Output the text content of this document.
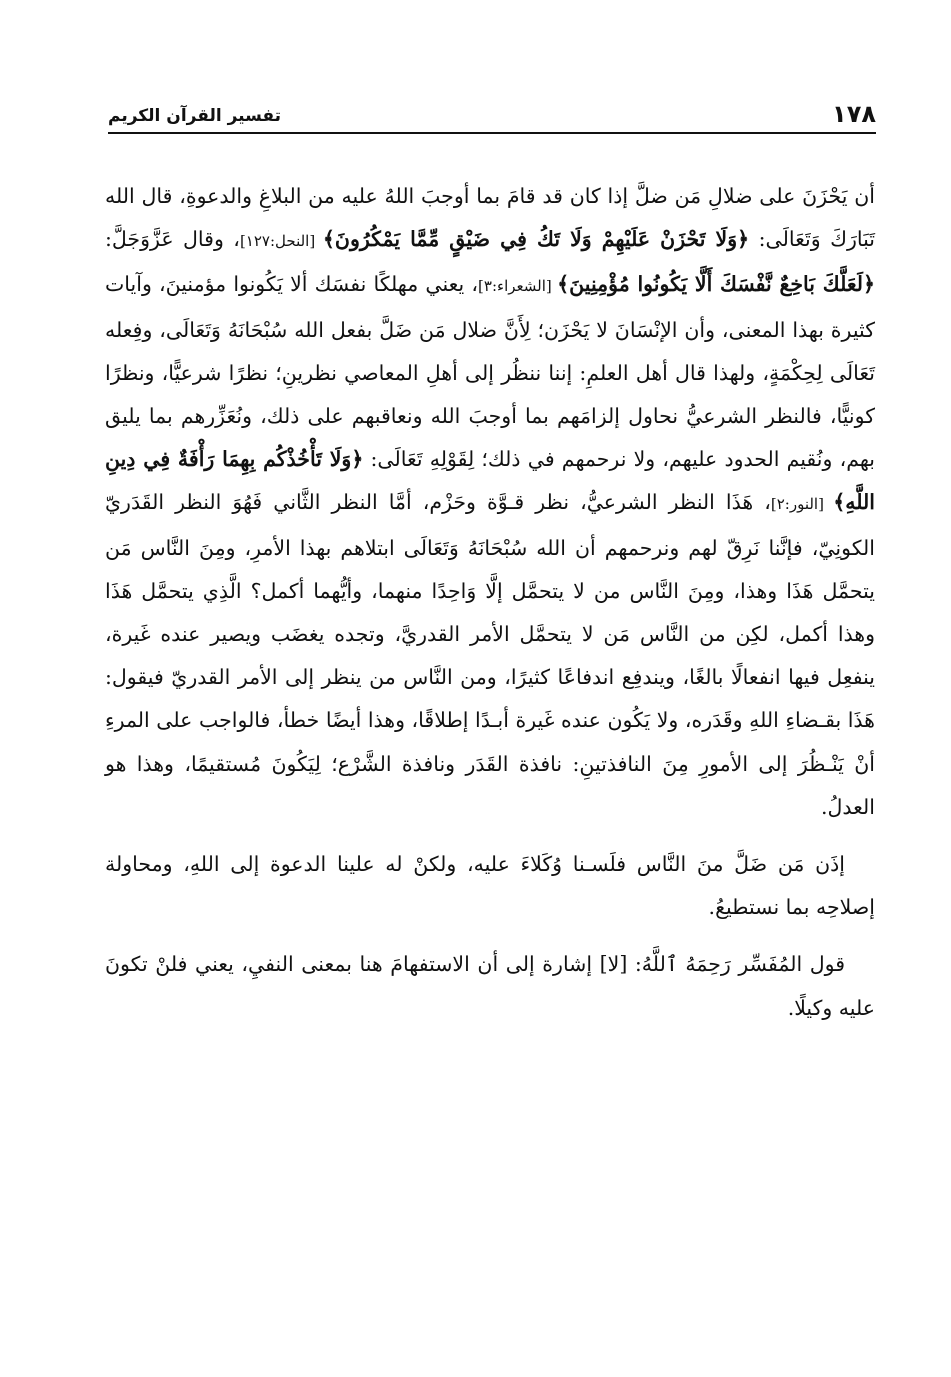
١٧٨
تفسير القرآن الكريم

أن يَحْزَنَ على ضلالِ مَن ضلَّ إذا كان قد قامَ بما أوجبَ اللهُ عليه من البلاغِ والدعوةِ، قال الله تَبَارَكَ وَتَعَالَى: ﴿وَلَا تَحْزَنْ عَلَيْهِمْ وَلَا تَكُ فِي ضَيْقٍ مِّمَّا يَمْكُرُونَ﴾ [النحل:١٢٧]، وقال عَزَّوَجَلَّ: ﴿لَعَلَّكَ بَاخِعٌ نَّفْسَكَ أَلَّا يَكُونُوا مُؤْمِنِينَ﴾ [الشعراء:٣]، يعني مهلكًا نفسَك ألا يَكُونوا مؤمنينَ، وآيات كثيرة بهذا المعنى، وأن الإنْسَانَ لا يَحْزَن؛ لِأَنَّ ضلال مَن ضَلَّ بفعل الله سُبْحَانَهُ وَتَعَالَى، وفِعله تَعَالَى لِحِكْمَةٍ، ولهذا قال أهل العلمِ: إننا ننظُر إلى أهلِ المعاصي نظرينِ؛ نظرًا شرعيًّا، ونظرًا كونيًّا، فالنظر الشرعيُّ نحاول إلزامَهم بما أوجبَ الله ونعاقبهم على ذلك، ونُعَزِّرهم بما يليق بهم، ونُقيم الحدود عليهم، ولا نرحمهم في ذلك؛ لِقَوْلِهِ تَعَالَى: ﴿وَلَا تَأْخُذْكُم بِهِمَا رَأْفَةٌ فِي دِينِ اللَّهِ﴾ [النور:٢]، هَذَا النظر الشرعيُّ، نظر قـوَّة وحَزْم، أمَّا النظر الثَّاني فَهُوَ النظر القَدَريّ الكونِيّ، فإنَّنا نَرِقّ لهم ونرحمهم أن الله سُبْحَانَهُ وَتَعَالَى ابتلاهم بهذا الأمرِ، ومِنَ النَّاس مَن يتحمَّل هَذَا وهذا، ومِنَ النَّاس من لا يتحمَّل إلَّا وَاحِدًا منهما، وأيُّهما أكمل؟ الَّذِي يتحمَّل هَذَا وهذا أكمل، لكِن من النَّاس مَن لا يتحمَّل الأمر القدريَّ، وتجده يغضَب ويصير عنده غَيرة، ينفعِل فيها انفعالًا بالغًا، ويندفِع اندفاعًا كثيرًا، ومن النَّاس من ينظر إلى الأمر القدريّ فيقول: هَذَا بقـضاءِ اللهِ وقَدَره، ولا يَكُون عنده غَيرة أبـدًا إطلاقًا، وهذا أيضًا خطأ، فالواجب على المرءِ أنْ يَنْـظُرَ إلى الأمورِ مِنَ النافذتينِ: نافذة القَدَر ونافذة الشَّرْع؛ لِيَكُونَ مُستقيمًا، وهذا هو العدلُ.

إذَن مَن ضَلَّ منَ النَّاس فلَسـنا وُكَلاءَ عليه، ولكنْ له علينا الدعوة إلى اللهِ، ومحاولة إصلاحِه بما نستطيعُ.

قول المُفَسِّر رَحِمَهُ ٱللَّهُ: [لا] إشارة إلى أن الاستفهامَ هنا بمعنى النفيِ، يعني فلنْ تكونَ عليه وكيلًا.
